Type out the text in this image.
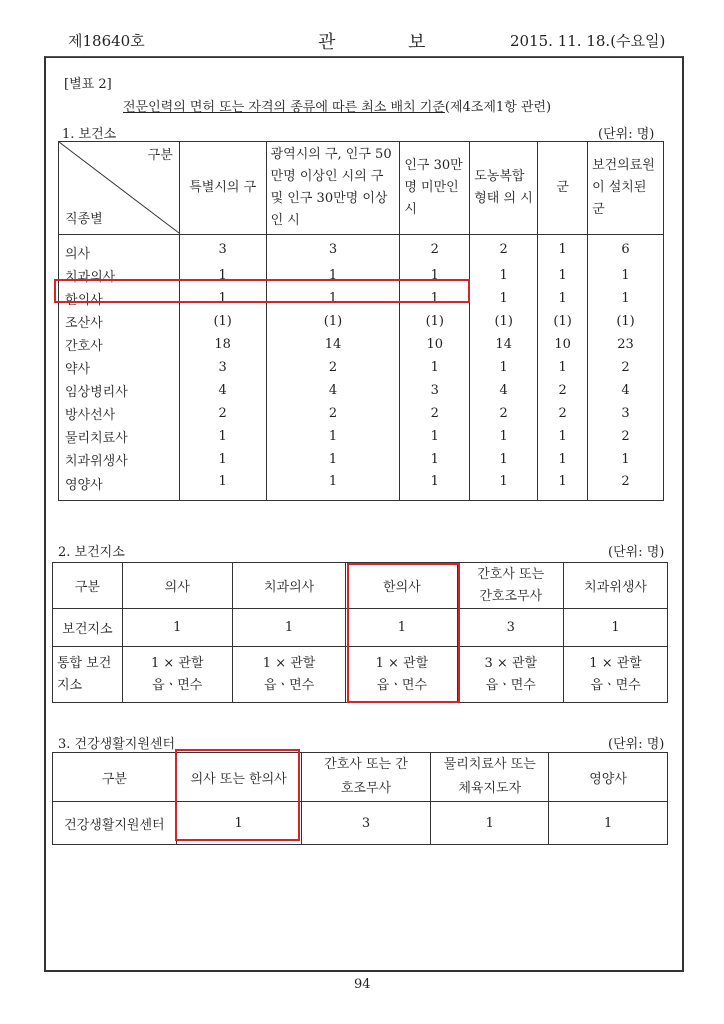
제18640호	관	보	2015. 11. 18.(수요일)
[별표 2]
전문인력의 면허 또는 자격의 종류에 따른 최소 배치 기준(제4조제1항 관련)
1. 보건소	(단위: 명)
구분
직종별	특별시의 구	광역시의 구, 인구 50만명 이상인 시의 구 및 인구 30만명 이상인 시	인구 30만명 미만인 시	도농복합 형태 의 시	군	보건의료원이 설치된 군
의사	3	3	2	2	1	6
치과의사	1	1	1	1	1	1
한의사	1	1	1	1	1	1
조산사	(1)	(1)	(1)	(1)	(1)	(1)
간호사	18	14	10	14	10	23
약사	3	2	1	1	1	2
임상병리사	4	4	3	4	2	4
방사선사	2	2	2	2	2	3
물리치료사	1	1	1	1	1	2
치과위생사	1	1	1	1	1	1
영양사	1	1	1	1	1	2
2. 보건지소	(단위: 명)
구분	의사	치과의사	한의사	간호사 또는 간호조무사	치과위생사
보건지소	1	1	1	3	1
통합 보건 지소	1 × 관할 읍ㆍ면수	1 × 관할 읍ㆍ면수	1 × 관할 읍ㆍ면수	3 × 관할 읍ㆍ면수	1 × 관할 읍ㆍ면수
3. 건강생활지원센터	(단위: 명)
구분	의사 또는 한의사	간호사 또는 간호조무사	물리치료사 또는 체육지도자	영양사
건강생활지원센터	1	3	1	1
94
